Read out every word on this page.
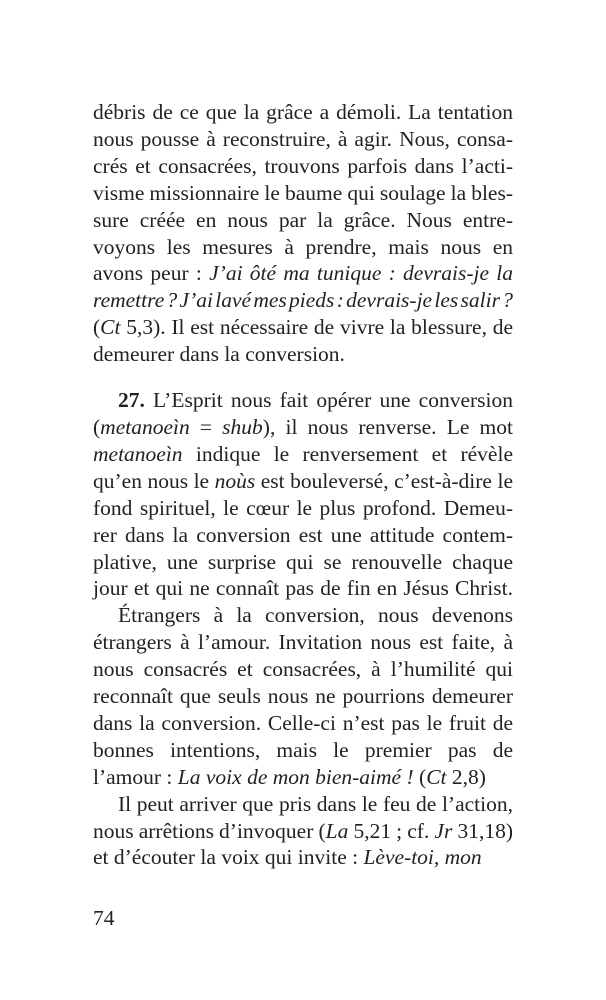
débris de ce que la grâce a démoli. La tentation
nous pousse à reconstruire, à agir. Nous, consa-
crés et consacrées, trouvons parfois dans l’acti-
visme missionnaire le baume qui soulage la bles-
sure créée en nous par la grâce. Nous entre-
voyons les mesures à prendre, mais nous en
avons peur : J’ai ôté ma tunique : devrais-je la
remettre ? J’ai lavé mes pieds : devrais-je les salir ?
(Ct 5,3). Il est nécessaire de vivre la blessure, de
demeurer dans la conversion.
27. L’Esprit nous fait opérer une conversion
(metanoeìn = shub), il nous renverse. Le mot
metanoeìn indique le renversement et révèle
qu’en nous le noùs est bouleversé, c’est-à-dire le
fond spirituel, le cœur le plus profond. Demeu-
rer dans la conversion est une attitude contem-
plative, une surprise qui se renouvelle chaque
jour et qui ne connaît pas de fin en Jésus Christ.
Étrangers à la conversion, nous devenons
étrangers à l’amour. Invitation nous est faite, à
nous consacrés et consacrées, à l’humilité qui
reconnaît que seuls nous ne pourrions demeurer
dans la conversion. Celle-ci n’est pas le fruit de
bonnes intentions, mais le premier pas de
l’amour : La voix de mon bien-aimé ! (Ct 2,8)
Il peut arriver que pris dans le feu de l’action,
nous arrêtions d’invoquer (La 5,21 ; cf. Jr 31,18)
et d’écouter la voix qui invite : Lève-toi, mon
74
